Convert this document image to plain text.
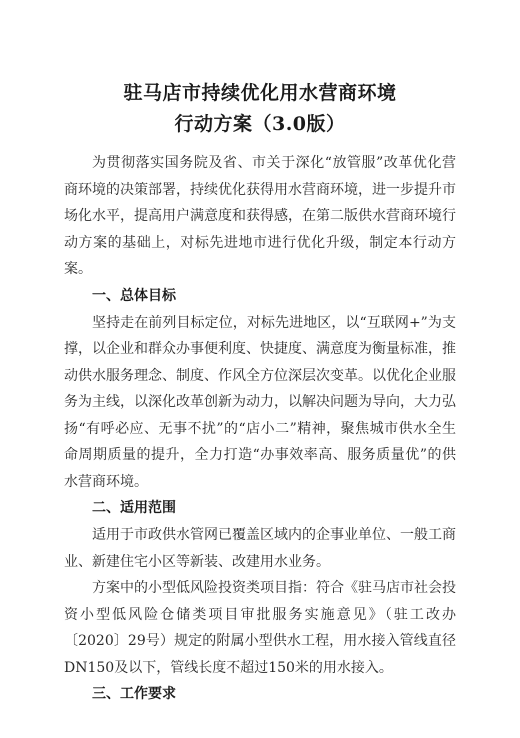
驻马店市持续优化用水营商环境
行动方案（3.0版）

为贯彻落实国务院及省、市关于深化“放管服”改革优化营商环境的决策部署，持续优化获得用水营商环境，进一步提升市场化水平，提高用户满意度和获得感，在第二版供水营商环境行动方案的基础上，对标先进地市进行优化升级，制定本行动方案。

一、总体目标

坚持走在前列目标定位，对标先进地区，以“互联网+”为支撑，以企业和群众办事便利度、快捷度、满意度为衡量标准，推动供水服务理念、制度、作风全方位深层次变革。以优化企业服务为主线，以深化改革创新为动力，以解决问题为导向，大力弘扬“有呼必应、无事不扰”的“店小二”精神，聚焦城市供水全生命周期质量的提升，全力打造“办事效率高、服务质量优”的供水营商环境。

二、适用范围

适用于市政供水管网已覆盖区域内的企事业单位、一般工商业、新建住宅小区等新装、改建用水业务。

方案中的小型低风险投资类项目指：符合《驻马店市社会投资小型低风险仓储类项目审批服务实施意见》（驻工改办〔2020〕29号）规定的附属小型供水工程，用水接入管线直径DN150及以下，管线长度不超过150米的用水接入。

三、工作要求
